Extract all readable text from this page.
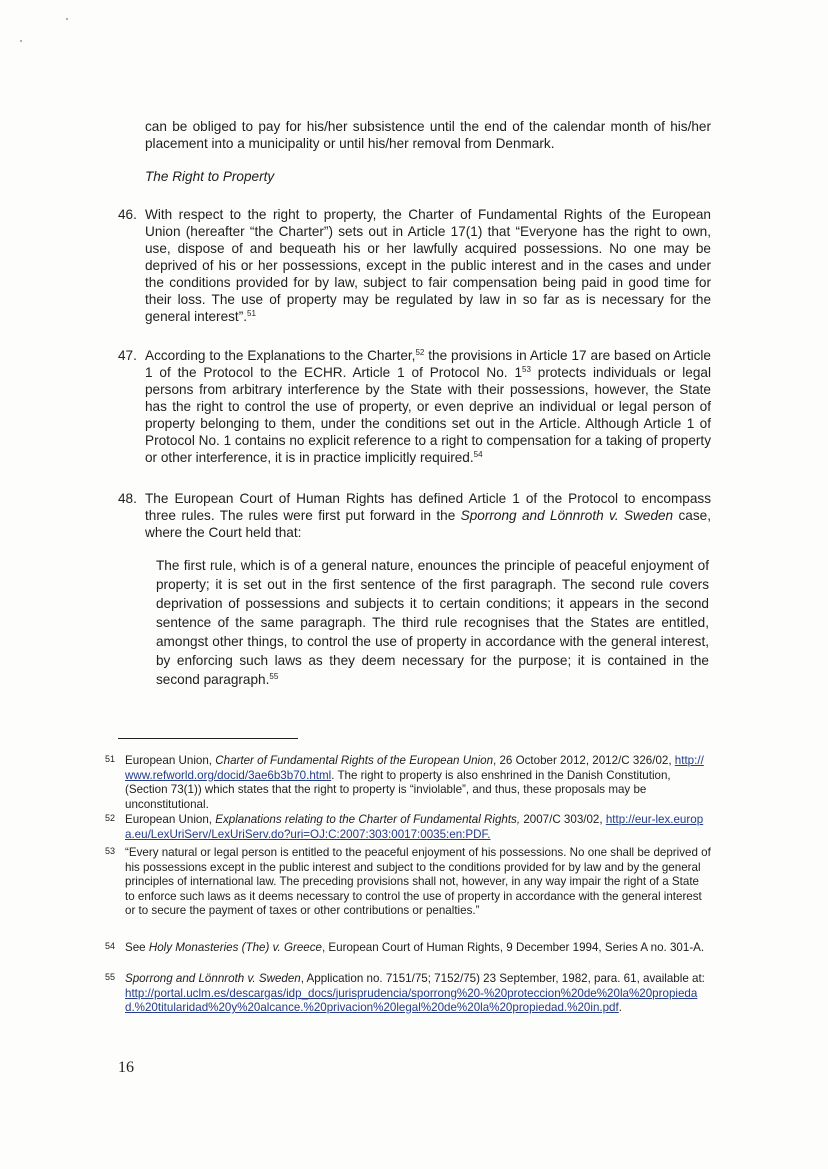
can be obliged to pay for his/her subsistence until the end of the calendar month of his/her placement into a municipality or until his/her removal from Denmark.

The Right to Property

46. With respect to the right to property, the Charter of Fundamental Rights of the European Union (hereafter “the Charter”) sets out in Article 17(1) that “Everyone has the right to own, use, dispose of and bequeath his or her lawfully acquired possessions. No one may be deprived of his or her possessions, except in the public interest and in the cases and under the conditions provided for by law, subject to fair compensation being paid in good time for their loss. The use of property may be regulated by law in so far as is necessary for the general interest”.$^{51}$

47. According to the Explanations to the Charter,$^{52}$ the provisions in Article 17 are based on Article 1 of the Protocol to the ECHR. Article 1 of Protocol No. $1^{53}$ protects individuals or legal persons from arbitrary interference by the State with their possessions, however, the State has the right to control the use of property, or even deprive an individual or legal person of property belonging to them, under the conditions set out in the Article. Although Article 1 of Protocol No. 1 contains no explicit reference to a right to compensation for a taking of property or other interference, it is in practice implicitly required.$^{54}$

48. The European Court of Human Rights has defined Article 1 of the Protocol to encompass three rules. The rules were first put forward in the Sporrong and Lönnroth v. Sweden case, where the Court held that:

The first rule, which is of a general nature, enounces the principle of peaceful enjoyment of property; it is set out in the first sentence of the first paragraph. The second rule covers deprivation of possessions and subjects it to certain conditions; it appears in the second sentence of the same paragraph. The third rule recognises that the States are entitled, amongst other things, to control the use of property in accordance with the general interest, by enforcing such laws as they deem necessary for the purpose; it is contained in the second paragraph.$^{55}$

51 European Union, Charter of Fundamental Rights of the European Union, 26 October 2012, 2012/C 326/02, http://www.refworld.org/docid/3ae6b3b70.html. The right to property is also enshrined in the Danish Constitution, (Section 73(1)) which states that the right to property is “inviolable”, and thus, these proposals may be unconstitutional.

52 European Union, Explanations relating to the Charter of Fundamental Rights, 2007/C 303/02, http://eur-lex.europa.eu/LexUriServ/LexUriServ.do?uri=OJ:C:2007:303:0017:0035:en:PDF.

53 “Every natural or legal person is entitled to the peaceful enjoyment of his possessions. No one shall be deprived of his possessions except in the public interest and subject to the conditions provided for by law and by the general principles of international law. The preceding provisions shall not, however, in any way impair the right of a State to enforce such laws as it deems necessary to control the use of property in accordance with the general interest or to secure the payment of taxes or other contributions or penalties.”

54 See Holy Monasteries (The) v. Greece, European Court of Human Rights, 9 December 1994, Series A no. 301-A.

55 Sporrong and Lönnroth v. Sweden, Application no. 7151/75; 7152/75) 23 September, 1982, para. 61, available at:
http://portal.uclm.es/descargas/idp_docs/jurisprudencia/sporrong%20-%20proteccion%20de%20la%20propiedad.%20titularidad%20y%20alcance.%20privacion%20legal%20de%20la%20propiedad.%20in.pdf.

16
